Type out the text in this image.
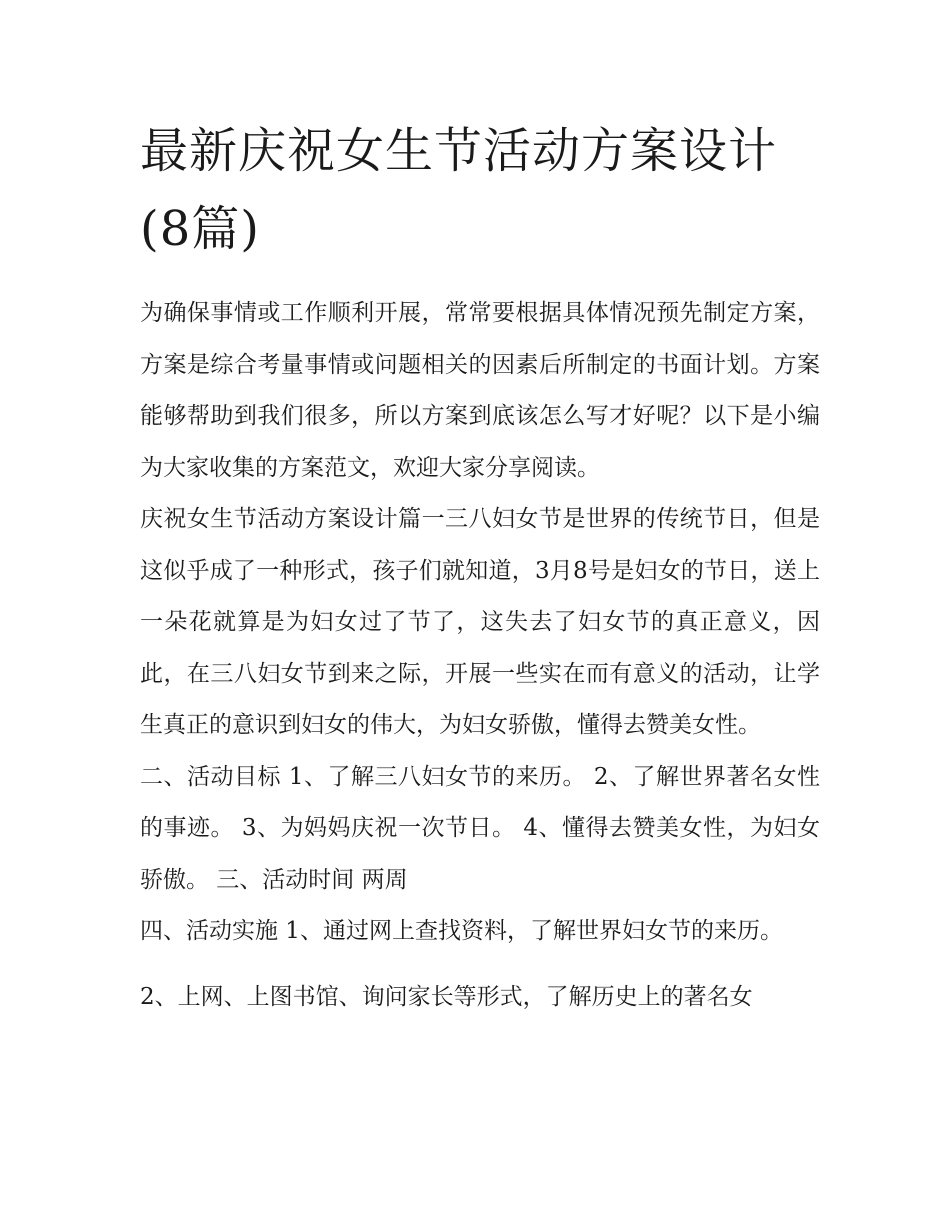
最新庆祝女生节活动方案设计 (8篇)

为确保事情或工作顺利开展，常常要根据具体情况预先制定方案，方案是综合考量事情或问题相关的因素后所制定的书面计划。方案能够帮助到我们很多，所以方案到底该怎么写才好呢？以下是小编为大家收集的方案范文，欢迎大家分享阅读。

庆祝女生节活动方案设计篇一三八妇女节是世界的传统节日，但是这似乎成了一种形式，孩子们就知道，3月8号是妇女的节日，送上一朵花就算是为妇女过了节了，这失去了妇女节的真正意义，因此，在三八妇女节到来之际，开展一些实在而有意义的活动，让学生真正的意识到妇女的伟大，为妇女骄傲，懂得去赞美女性。

二、活动目标 1、了解三八妇女节的来历。 2、了解世界著名女性的事迹。 3、为妈妈庆祝一次节日。 4、懂得去赞美女性，为妇女骄傲。 三、活动时间 两周

四、活动实施 1、通过网上查找资料，了解世界妇女节的来历。

2、上网、上图书馆、询问家长等形式，了解历史上的著名女
